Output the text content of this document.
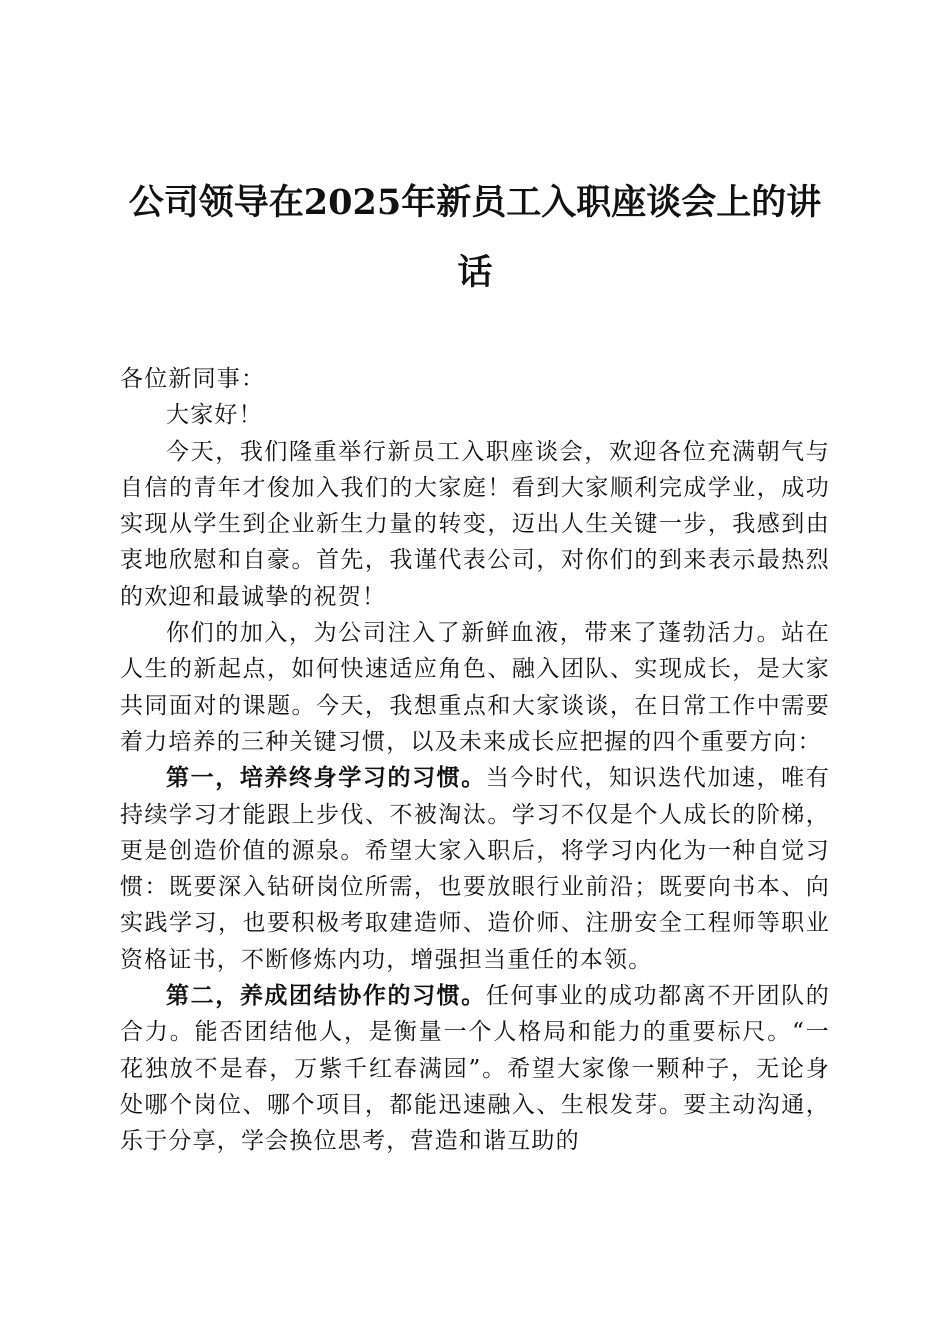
公司领导在2025年新员工入职座谈会上的讲话

各位新同事：

大家好！

今天，我们隆重举行新员工入职座谈会，欢迎各位充满朝气与自信的青年才俊加入我们的大家庭！看到大家顺利完成学业，成功实现从学生到企业新生力量的转变，迈出人生关键一步，我感到由衷地欣慰和自豪。首先，我谨代表公司，对你们的到来表示最热烈的欢迎和最诚挚的祝贺！

你们的加入，为公司注入了新鲜血液，带来了蓬勃活力。站在人生的新起点，如何快速适应角色、融入团队、实现成长，是大家共同面对的课题。今天，我想重点和大家谈谈，在日常工作中需要着力培养的三种关键习惯，以及未来成长应把握的四个重要方向：

第一，培养终身学习的习惯。当今时代，知识迭代加速，唯有持续学习才能跟上步伐、不被淘汰。学习不仅是个人成长的阶梯，更是创造价值的源泉。希望大家入职后，将学习内化为一种自觉习惯：既要深入钻研岗位所需，也要放眼行业前沿；既要向书本、向实践学习，也要积极考取建造师、造价师、注册安全工程师等职业资格证书，不断修炼内功，增强担当重任的本领。

第二，养成团结协作的习惯。任何事业的成功都离不开团队的合力。能否团结他人，是衡量一个人格局和能力的重要标尺。“一花独放不是春，万紫千红春满园”。希望大家像一颗种子，无论身处哪个岗位、哪个项目，都能迅速融入、生根发芽。要主动沟通，乐于分享，学会换位思考，营造和谐互助的
